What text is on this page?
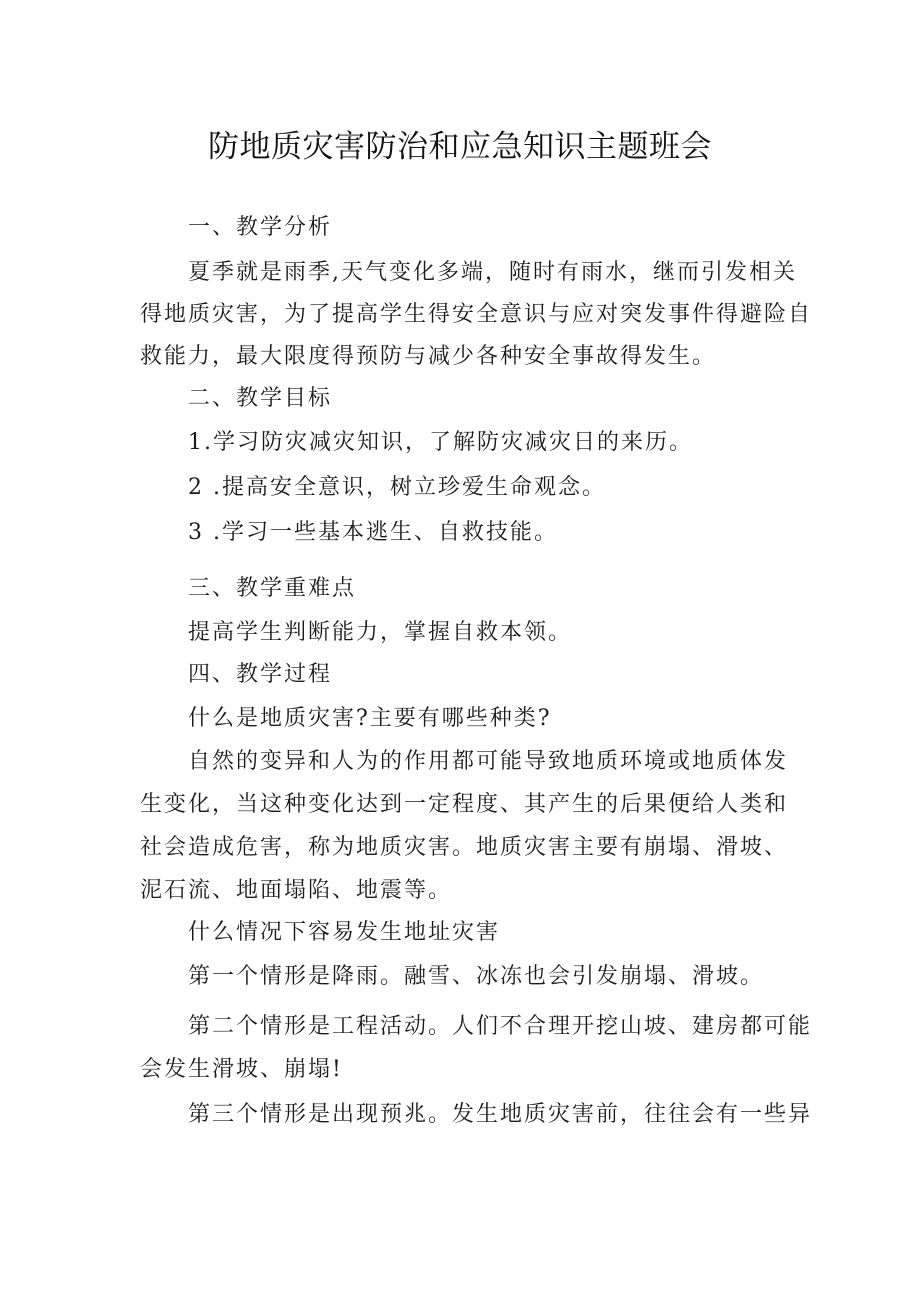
防地质灾害防治和应急知识主题班会
一、教学分析
夏季就是雨季,天气变化多端，随时有雨水，继而引发相关
得地质灾害，为了提高学生得安全意识与应对突发事件得避险自
救能力，最大限度得预防与减少各种安全事故得发生。
二、教学目标
1.学习防灾减灾知识，了解防灾减灾日的来历。
2 .提高安全意识，树立珍爱生命观念。
3 .学习一些基本逃生、自救技能。
三、教学重难点
提高学生判断能力，掌握自救本领。
四、教学过程
什么是地质灾害?主要有哪些种类?
自然的变异和人为的作用都可能导致地质环境或地质体发
生变化，当这种变化达到一定程度、其产生的后果便给人类和
社会造成危害，称为地质灾害。地质灾害主要有崩塌、滑坡、
泥石流、地面塌陷、地震等。
什么情况下容易发生地址灾害
第一个情形是降雨。融雪、冰冻也会引发崩塌、滑坡。
第二个情形是工程活动。人们不合理开挖山坡、建房都可能
会发生滑坡、崩塌!
第三个情形是出现预兆。发生地质灾害前，往往会有一些异
